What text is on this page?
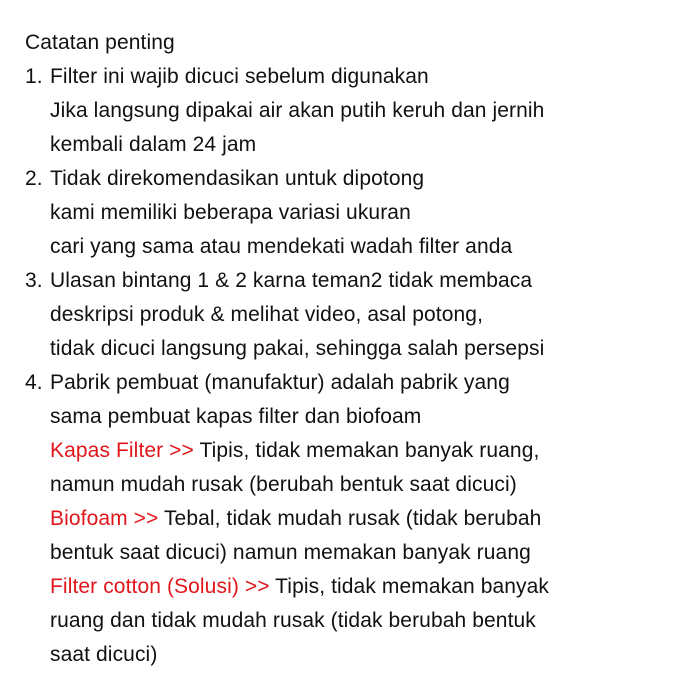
Catatan penting
1. Filter ini wajib dicuci sebelum digunakan
Jika langsung dipakai air akan putih keruh dan jernih
kembali dalam 24 jam
2. Tidak direkomendasikan untuk dipotong
kami memiliki beberapa variasi ukuran
cari yang sama atau mendekati wadah filter anda
3. Ulasan bintang 1 & 2 karna teman2 tidak membaca
deskripsi produk & melihat video, asal potong,
tidak dicuci langsung pakai, sehingga salah persepsi
4. Pabrik pembuat (manufaktur) adalah pabrik yang
sama pembuat kapas filter dan biofoam
Kapas Filter >> Tipis, tidak memakan banyak ruang,
namun mudah rusak (berubah bentuk saat dicuci)
Biofoam >> Tebal, tidak mudah rusak (tidak berubah
bentuk saat dicuci) namun memakan banyak ruang
Filter cotton (Solusi) >> Tipis, tidak memakan banyak
ruang dan tidak mudah rusak (tidak berubah bentuk
saat dicuci)
